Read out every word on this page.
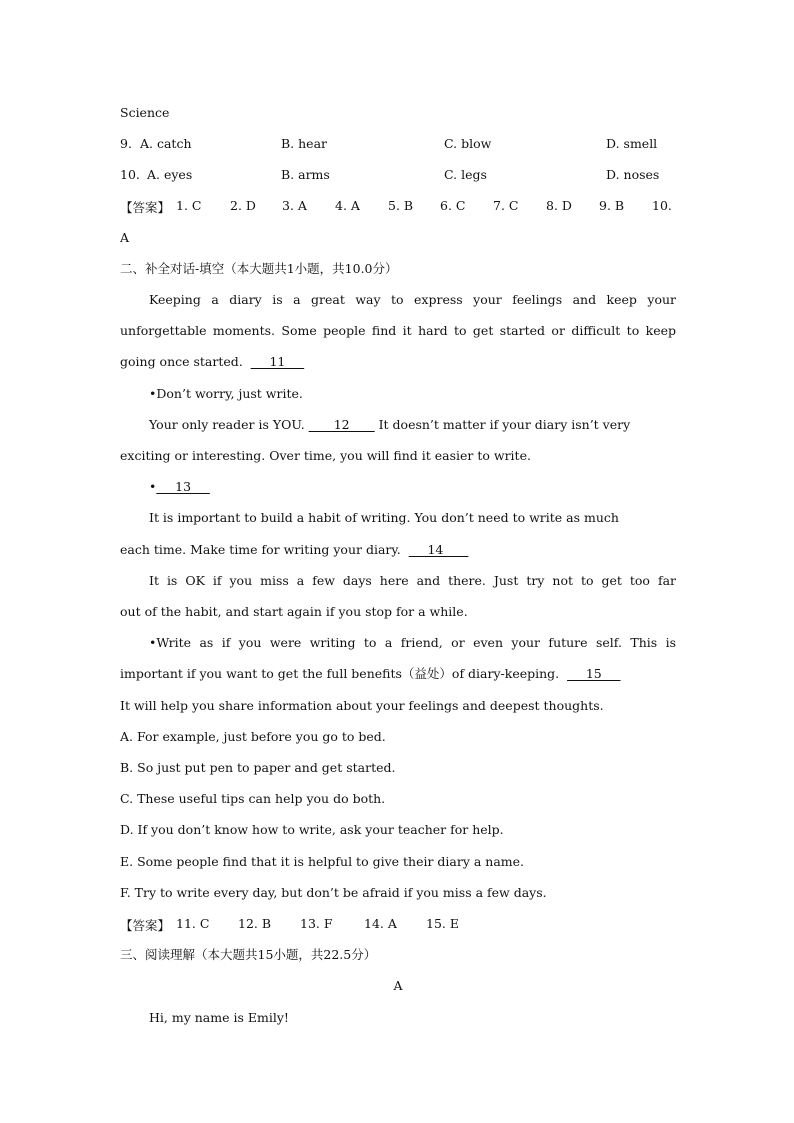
Science
9. A. catch	B. hear	C. blow	D. smell
10. A. eyes	B. arms	C. legs	D. noses
【答案】 1. C 2. D 3. A 4. A 5. B 6. C 7. C 8. D 9. B 10.
A
二、补全对话-填空（本大题共1小题，共10.0分）
Keeping a diary is a great way to express your feelings and keep your
unforgettable moments. Some people find it hard to get started or difficult to keep
going once started. ___11___
•Don’t worry, just write.
Your only reader is YOU. ____12____ It doesn’t matter if your diary isn’t very
exciting or interesting. Over time, you will find it easier to write.
•___13___
It is important to build a habit of writing. You don’t need to write as much
each time. Make time for writing your diary. ___14____
It is OK if you miss a few days here and there. Just try not to get too far
out of the habit, and start again if you stop for a while.
•Write as if you were writing to a friend, or even your future self. This is
important if you want to get the full benefits（益处）of diary-keeping. ___15___
It will help you share information about your feelings and deepest thoughts.
A. For example, just before you go to bed.
B. So just put pen to paper and get started.
C. These useful tips can help you do both.
D. If you don’t know how to write, ask your teacher for help.
E. Some people find that it is helpful to give their diary a name.
F. Try to write every day, but don’t be afraid if you miss a few days.
【答案】 11. C 12. B 13. F	14. A 15. E
三、阅读理解（本大题共15小题，共22.5分）
A
Hi, my name is Emily!
